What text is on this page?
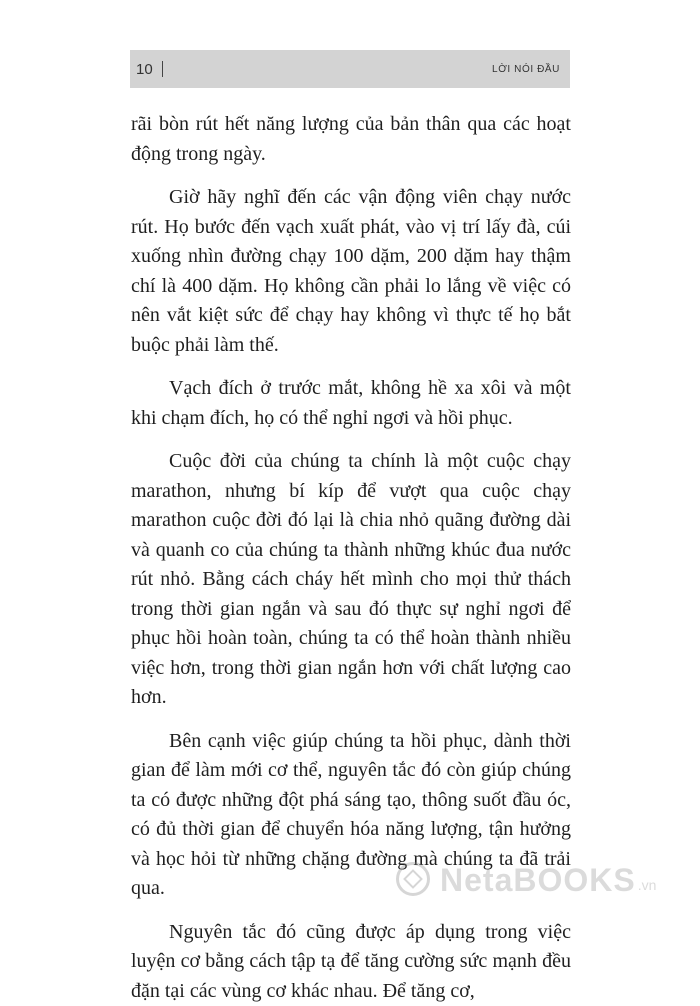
10	LỜI NÓI ĐẦU

rãi bòn rút hết năng lượng của bản thân qua các hoạt động trong ngày.

Giờ hãy nghĩ đến các vận động viên chạy nước rút. Họ bước đến vạch xuất phát, vào vị trí lấy đà, cúi xuống nhìn đường chạy 100 dặm, 200 dặm hay thậm chí là 400 dặm. Họ không cần phải lo lắng về việc có nên vắt kiệt sức để chạy hay không vì thực tế họ bắt buộc phải làm thế.

Vạch đích ở trước mắt, không hề xa xôi và một khi chạm đích, họ có thể nghỉ ngơi và hồi phục.

Cuộc đời của chúng ta chính là một cuộc chạy marathon, nhưng bí kíp để vượt qua cuộc chạy marathon cuộc đời đó lại là chia nhỏ quãng đường dài và quanh co của chúng ta thành những khúc đua nước rút nhỏ. Bằng cách cháy hết mình cho mọi thử thách trong thời gian ngắn và sau đó thực sự nghỉ ngơi để phục hồi hoàn toàn, chúng ta có thể hoàn thành nhiều việc hơn, trong thời gian ngắn hơn với chất lượng cao hơn.

Bên cạnh việc giúp chúng ta hồi phục, dành thời gian để làm mới cơ thể, nguyên tắc đó còn giúp chúng ta có được những đột phá sáng tạo, thông suốt đầu óc, có đủ thời gian để chuyển hóa năng lượng, tận hưởng và học hỏi từ những chặng đường mà chúng ta đã trải qua.

Nguyên tắc đó cũng được áp dụng trong việc luyện cơ bằng cách tập tạ để tăng cường sức mạnh đều đặn tại các vùng cơ khác nhau. Để tăng cơ,

NetaBOOKS .vn
